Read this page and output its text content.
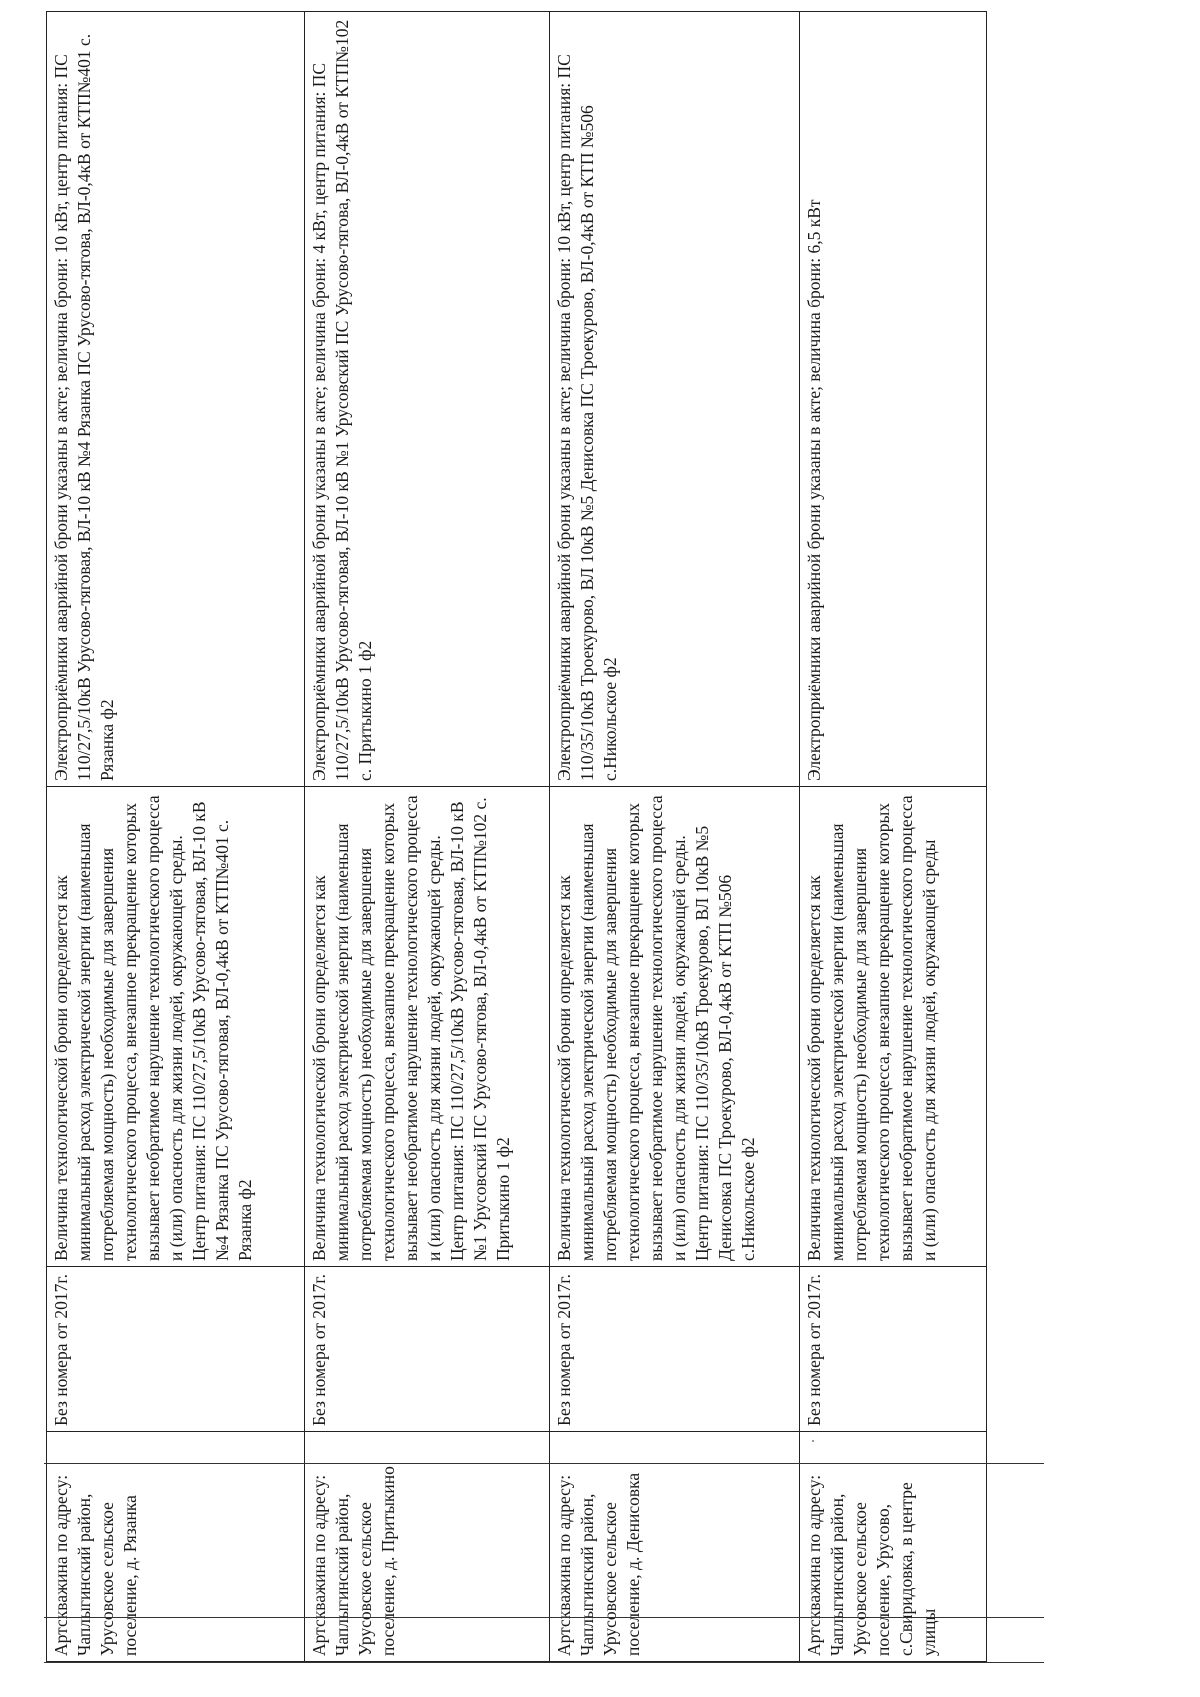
Артскважина по адресу: Чаплыгинский район, Урусовское сельское поселение, д. Рязанка	Без номера от 2017г.	Величина технологической брони определяется как минимальный расход электрической энергии (наименьшая потребляемая мощность) необходимые для завершения технологического процесса, внезапное прекращение которых вызывает необратимое нарушение технологического процесса и (или) опасность для жизни людей, окружающей среды. Центр питания: ПС 110/27,5/10кВ Урусово-тяговая, ВЛ-10 кВ №4 Рязанка ПС Урусово-тяговая, ВЛ-0,4кВ от КТП№401 с. Рязанка ф2	Электроприёмники аварийной брони указаны в акте; величина брони: 10 кВт, центр питания: ПС 110/27,5/10кВ Урусово-тяговая, ВЛ-10 кВ №4 Рязанка ПС Урусово-тягова, ВЛ-0,4кВ от КТП№401 с. Рязанка ф2
Артскважина по адресу: Чаплыгинский район, Урусовское сельское поселение, д. Притыкино	Без номера от 2017г.	Величина технологической брони определяется как минимальный расход электрической энергии (наименьшая потребляемая мощность) необходимые для завершения технологического процесса, внезапное прекращение которых вызывает необратимое нарушение технологического процесса и (или) опасность для жизни людей, окружающей среды. Центр питания: ПС 110/27,5/10кВ Урусово-тяговая, ВЛ-10 кВ №1 Урусовский ПС Урусово-тягова, ВЛ-0,4кВ от КТП№102 с. Притыкино 1 ф2	Электроприёмники аварийной брони указаны в акте; величина брони: 4 кВт, центр питания: ПС 110/27,5/10кВ Урусово-тяговая, ВЛ-10 кВ №1 Урусовский ПС Урусово-тягова, ВЛ-0,4кВ от КТП№102 с. Притыкино 1 ф2
Артскважина по адресу: Чаплыгинский район, Урусовское сельское поселение, д. Денисовка	Без номера от 2017г.	Величина технологической брони определяется как минимальный расход электрической энергии (наименьшая потребляемая мощность) необходимые для завершения технологического процесса, внезапное прекращение которых вызывает необратимое нарушение технологического процесса и (или) опасность для жизни людей, окружающей среды. Центр питания: ПС 110/35/10кВ Троекурово, ВЛ 10кВ №5 Денисовка ПС Троекурово, ВЛ-0,4кВ от КТП №506 с.Никольское ф2	Электроприёмники аварийной брони указаны в акте; величина брони: 10 кВт, центр питания: ПС 110/35/10кВ Троекурово, ВЛ 10кВ №5 Денисовка ПС Троекурово, ВЛ-0,4кВ от КТП №506 с.Никольское ф2
Артскважина по адресу: Чаплыгинский район, Урусовское сельское поселение, Урусово, с.Свиридовка, в центре улицы	Без номера от 2017г.	Величина технологической брони определяется как минимальный расход электрической энергии (наименьшая потребляемая мощность) необходимые для завершения технологического процесса, внезапное прекращение которых вызывает необратимое нарушение технологического процесса и (или) опасность для жизни людей, окружающей среды	Электроприёмники аварийной брони указаны в акте; величина брони: 6,5 кВт
